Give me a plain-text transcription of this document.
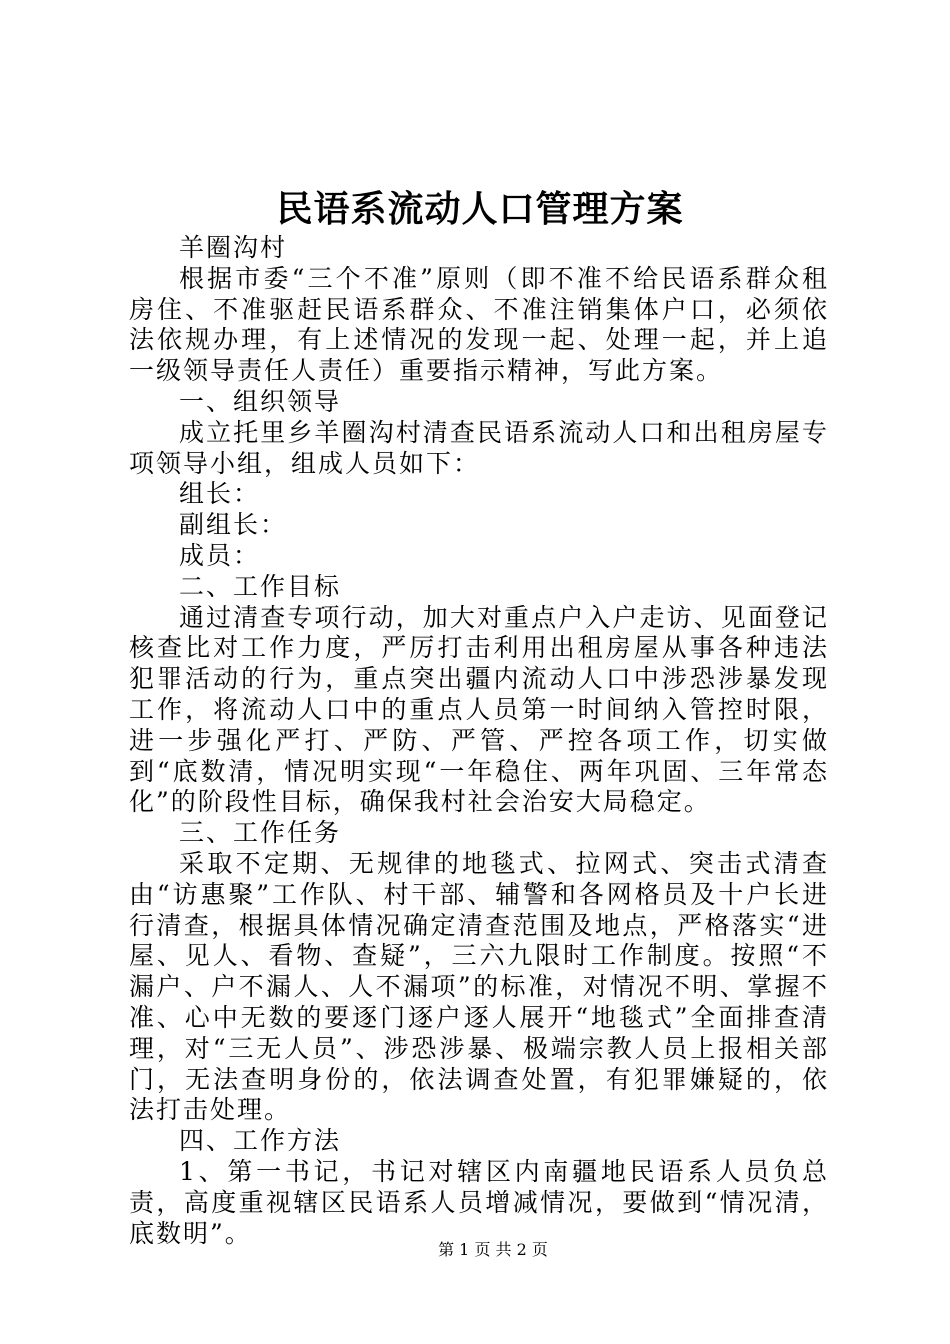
民语系流动人口管理方案

羊圈沟村

根据市委“三个不准”原则（即不准不给民语系群众租房住、不准驱赶民语系群众、不准注销集体户口，必须依法依规办理，有上述情况的发现一起、处理一起，并上追一级领导责任人责任）重要指示精神，写此方案。

一、组织领导

成立托里乡羊圈沟村清查民语系流动人口和出租房屋专项领导小组，组成人员如下：

组长：

副组长：

成员：

二、工作目标

通过清查专项行动，加大对重点户入户走访、见面登记核查比对工作力度，严厉打击利用出租房屋从事各种违法犯罪活动的行为，重点突出疆内流动人口中涉恐涉暴发现工作，将流动人口中的重点人员第一时间纳入管控时限，进一步强化严打、严防、严管、严控各项工作，切实做到“底数清，情况明实现“一年稳住、两年巩固、三年常态化”的阶段性目标，确保我村社会治安大局稳定。

三、工作任务

采取不定期、无规律的地毯式、拉网式、突击式清查由“访惠聚”工作队、村干部、辅警和各网格员及十户长进行清查，根据具体情况确定清查范围及地点，严格落实“进屋、见人、看物、查疑”，三六九限时工作制度。按照“不漏户、户不漏人、人不漏项”的标准，对情况不明、掌握不准、心中无数的要逐门逐户逐人展开“地毯式”全面排查清理，对“三无人员”、涉恐涉暴、极端宗教人员上报相关部门，无法查明身份的，依法调查处置，有犯罪嫌疑的，依法打击处理。

四、工作方法

1、第一书记，书记对辖区内南疆地民语系人员负总责，高度重视辖区民语系人员增减情况，要做到“情况清，底数明”。

第 1 页 共 2 页
